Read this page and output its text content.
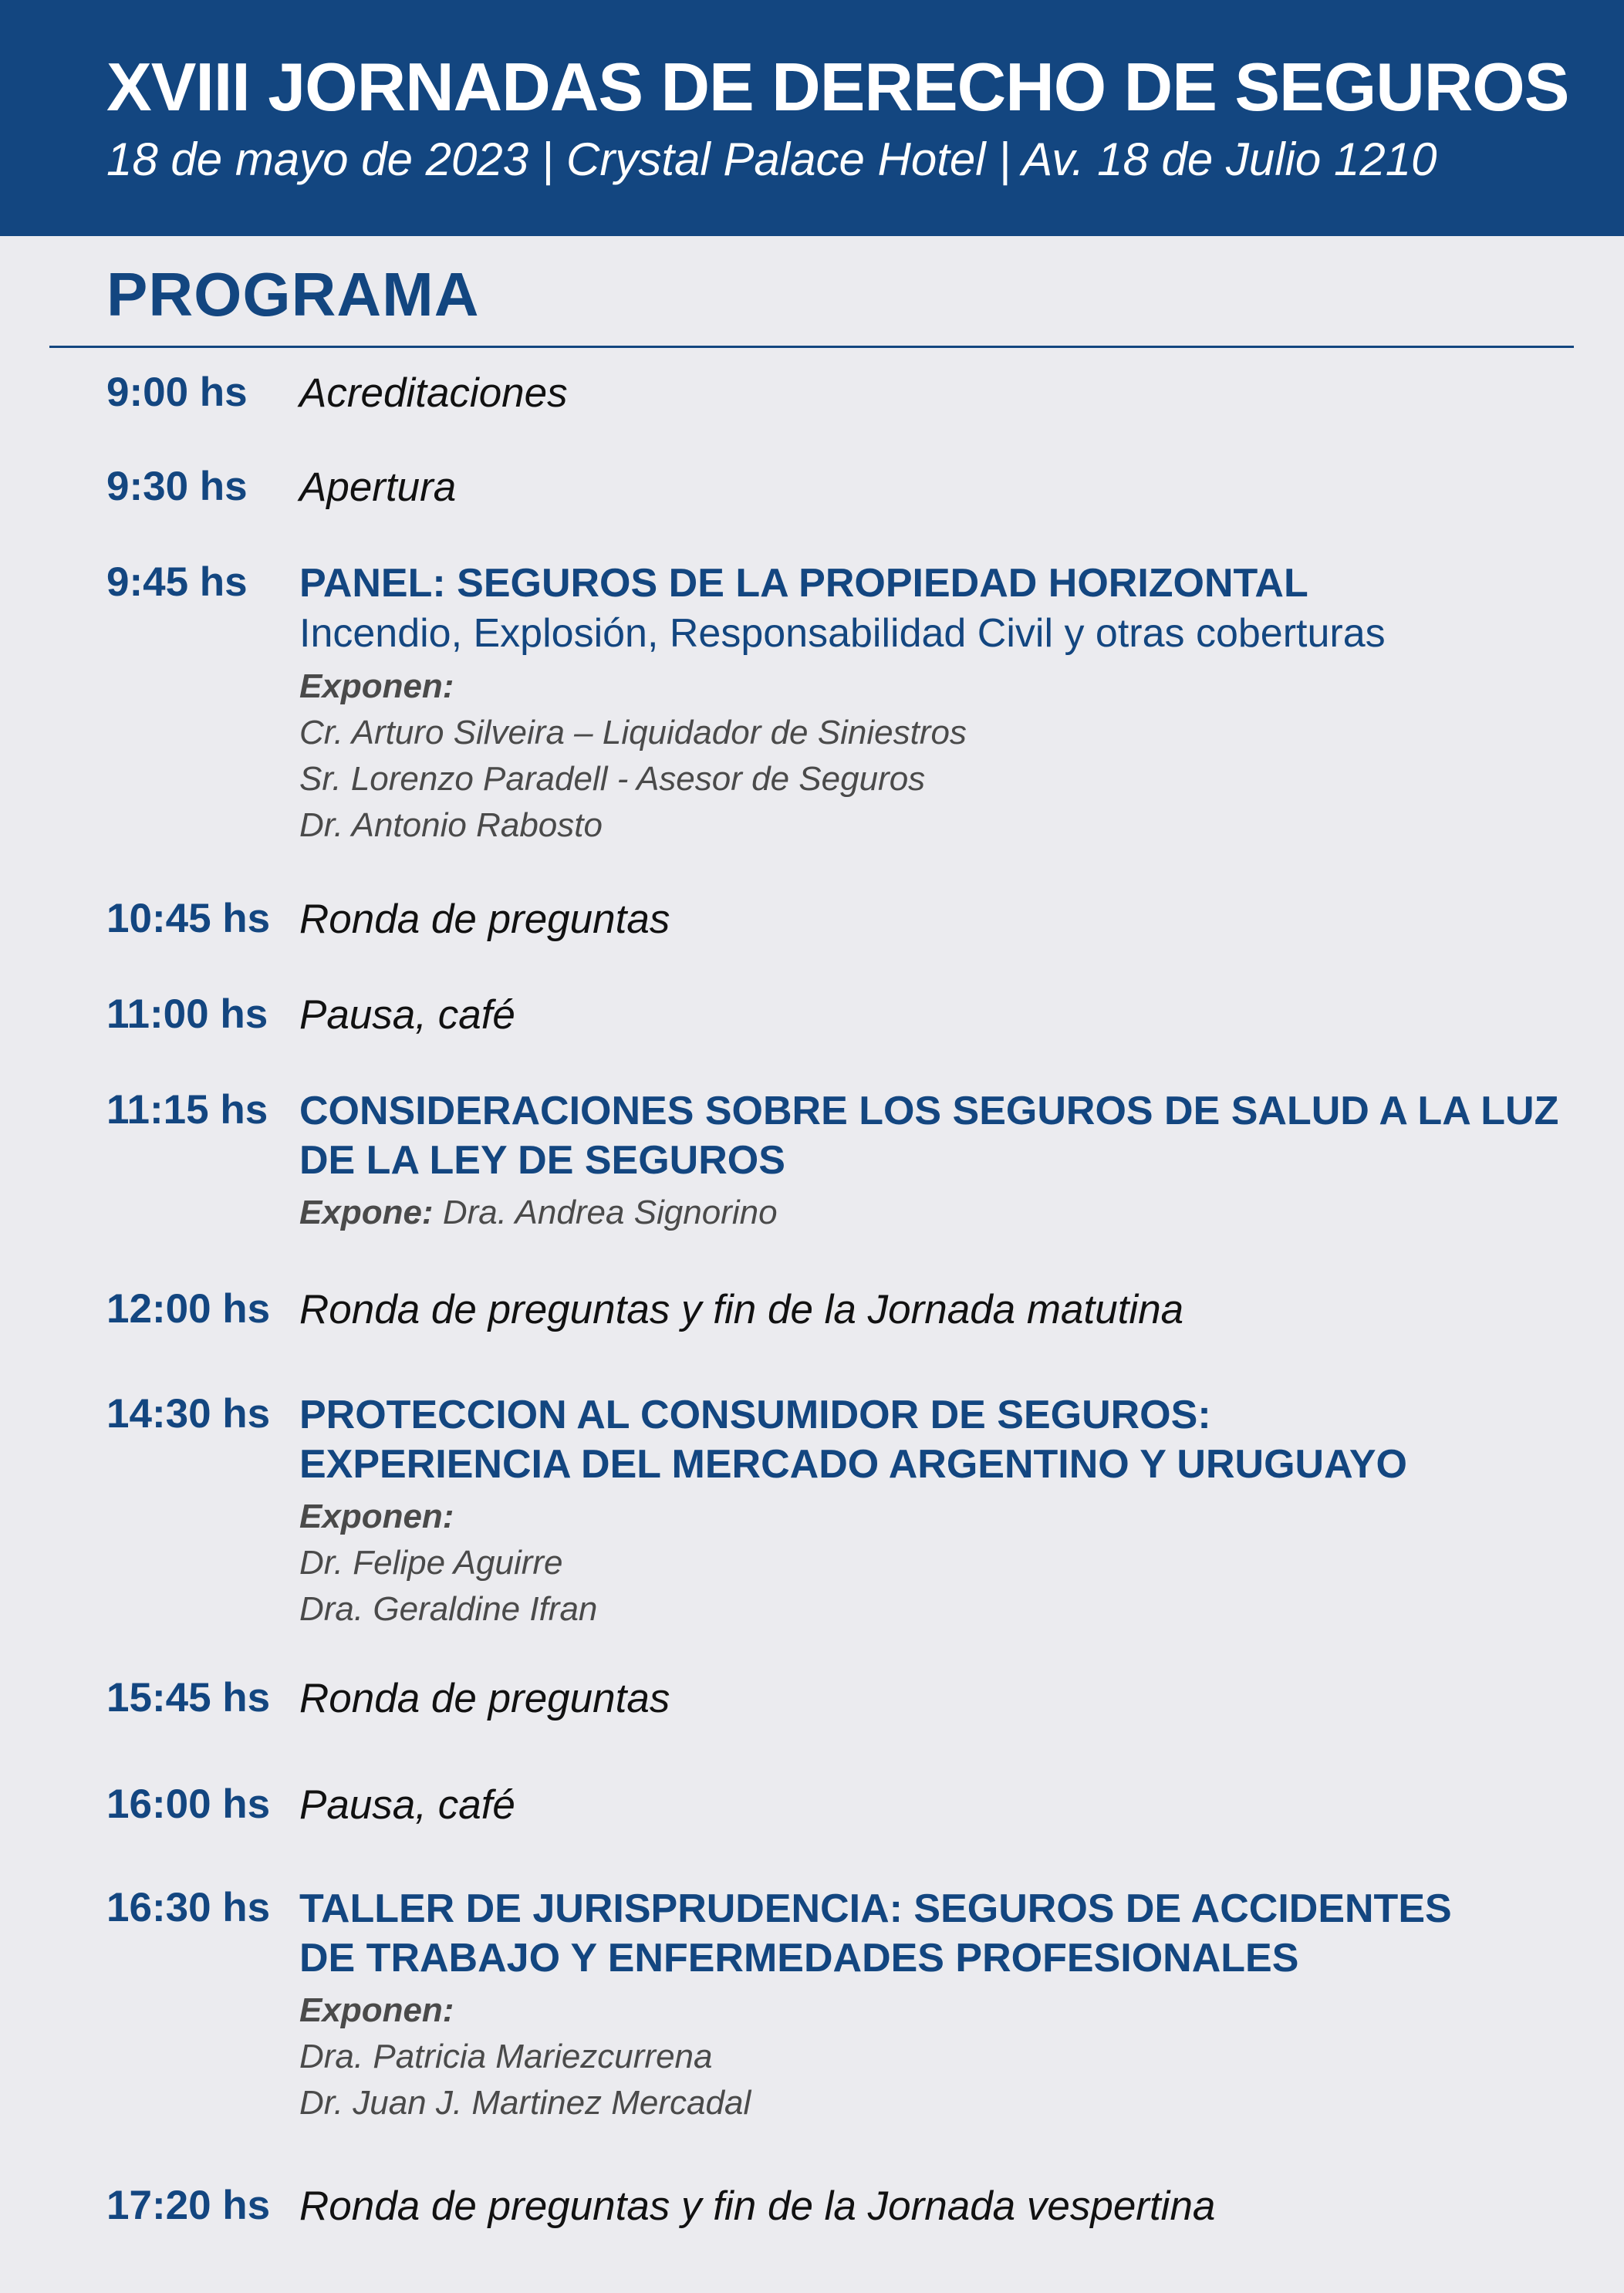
XVIII JORNADAS DE DERECHO DE SEGUROS
18 de mayo de 2023 | Crystal Palace Hotel | Av. 18 de Julio 1210
PROGRAMA
9:00 hs Acreditaciones
9:30 hs Apertura
9:45 hs PANEL: SEGUROS DE LA PROPIEDAD HORIZONTAL
Incendio, Explosión, Responsabilidad Civil y otras coberturas
Exponen:
Cr. Arturo Silveira – Liquidador de Siniestros
Sr. Lorenzo Paradell - Asesor de Seguros
Dr. Antonio Rabosto
10:45 hs Ronda de preguntas
11:00 hs Pausa, café
11:15 hs CONSIDERACIONES SOBRE LOS SEGUROS DE SALUD A LA LUZ
DE LA LEY DE SEGUROS
Expone: Dra. Andrea Signorino
12:00 hs Ronda de preguntas y fin de la Jornada matutina
14:30 hs PROTECCION AL CONSUMIDOR DE SEGUROS:
EXPERIENCIA DEL MERCADO ARGENTINO Y URUGUAYO
Exponen:
Dr. Felipe Aguirre
Dra. Geraldine Ifran
15:45 hs Ronda de preguntas
16:00 hs Pausa, café
16:30 hs TALLER DE JURISPRUDENCIA: SEGUROS DE ACCIDENTES
DE TRABAJO Y ENFERMEDADES PROFESIONALES
Exponen:
Dra. Patricia Mariezcurrena
Dr. Juan J. Martinez Mercadal
17:20 hs Ronda de preguntas y fin de la Jornada vespertina
